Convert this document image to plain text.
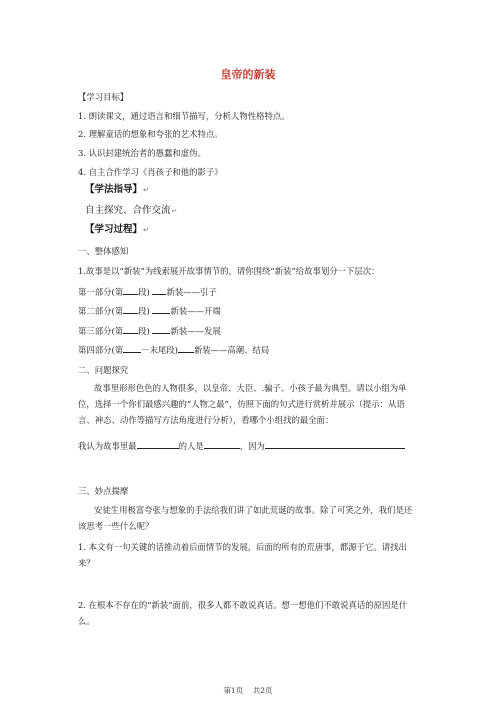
皇帝的新装
【学习目标】
1. 朗读课文，通过语言和细节描写，分析人物性格特点。
2. 理解童话的想象和夸张的艺术特点。
3. 认识封建统治者的愚蠢和虚伪。
4. 自主合作学习《肖孩子和他的影子》
【学法指导】↵
自主探究、合作交流↵
【学习过程】↵
一、整体感知
1.故事是以“新装”为线索展开故事情节的，请你围绕“新装”给故事划分一下层次：
第一部分(第 段) 新装——引子
第二部分(第 段) 新装——开端
第三部分(第 段) 新装——发展
第四部分(第 －末尾段) 新装——高潮、结局
二、问题探究
故事里形形色色的人物很多，以皇帝、大臣、.骗子、小孩子最为典型。请以小组为单位，选择一个你们最感兴趣的“人物之最”，仿照下面的句式进行赏析并展示（提示：从语言、神态、动作等描写方法角度进行分析），看哪个小组找的最全面：
我认为故事里最	的人是	，因为
三、妙点揣摩
安徒生用极富夸张与想象的手法给我们讲了如此荒诞的故事。除了可笑之外，我们是还该思考一些什么呢？
1. 本文有一句关键的话推动着后面情节的发展，后面的所有的荒唐事，都源于它。请找出来？
2. 在根本不存在的“新装”面前，很多人都不敢说真话。想一想他们不敢说真话的原因是什么。
第1页 共2页
